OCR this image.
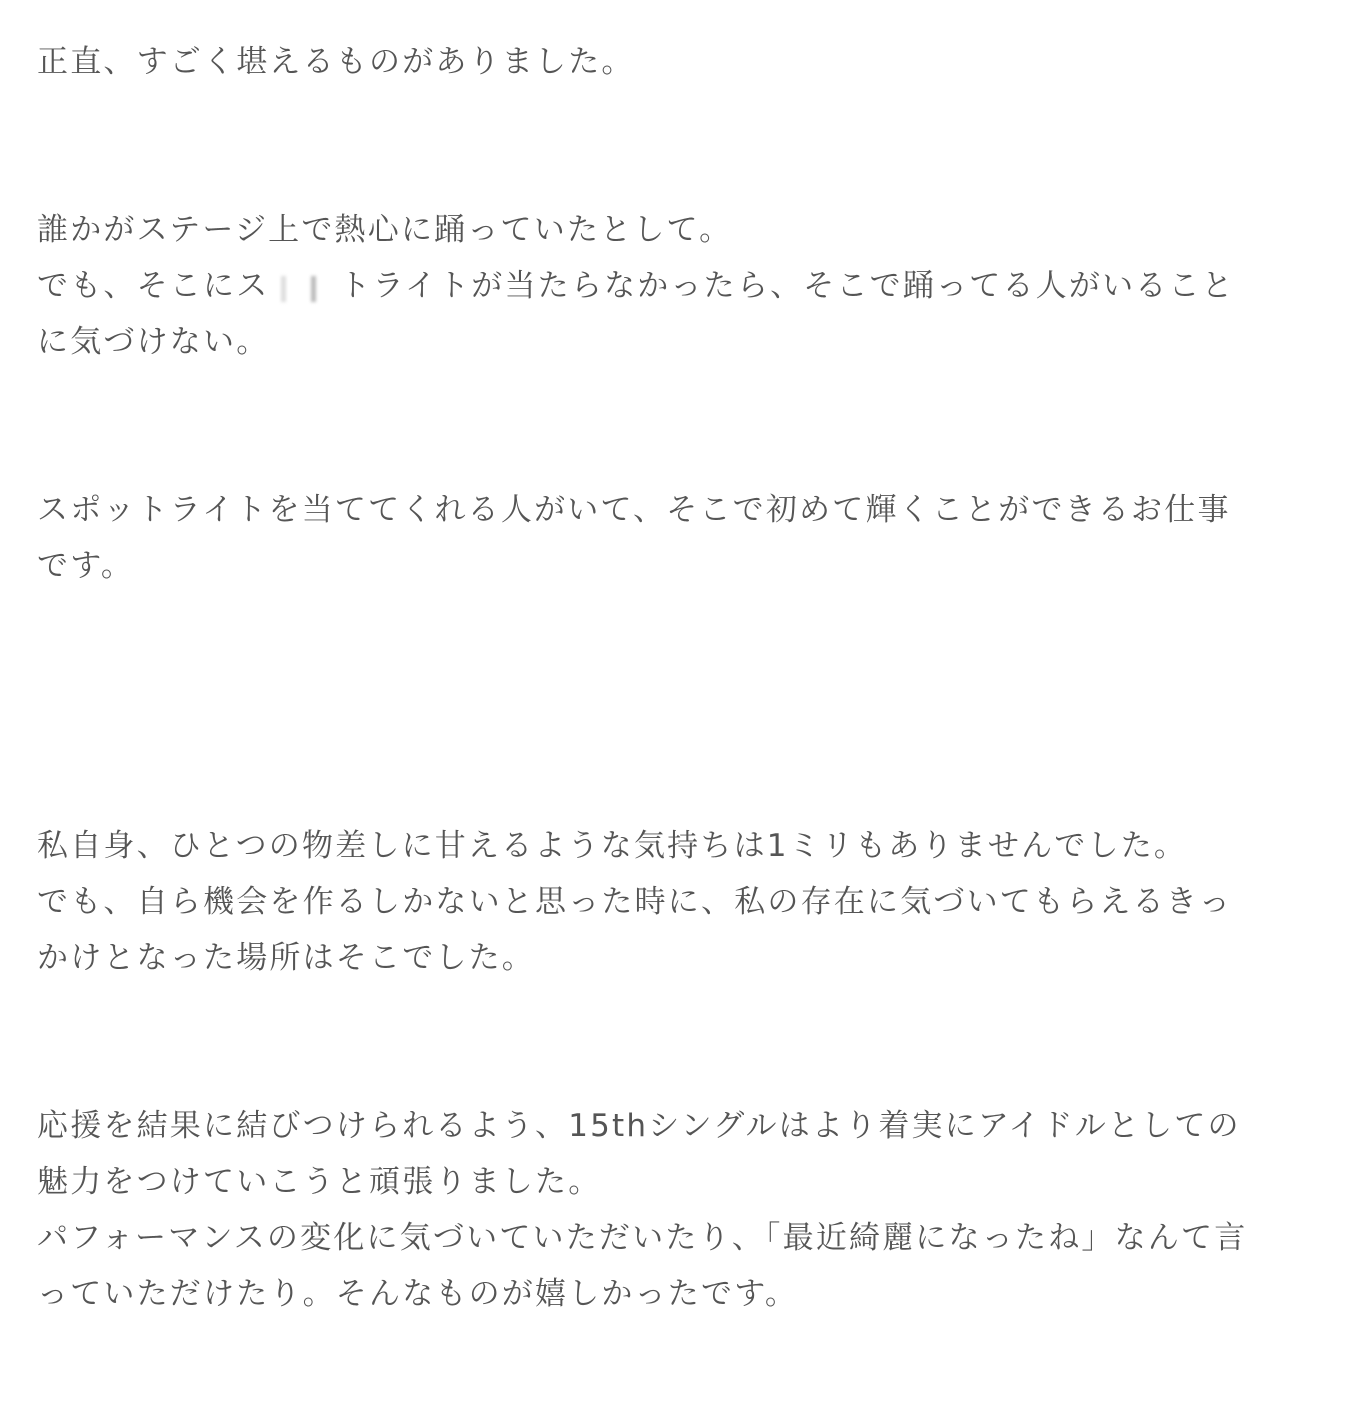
正直、すごく堪えるものがありました。

誰かがステージ上で熱心に踊っていたとして。
でも、そこにス トライトが当たらなかったら、そこで踊ってる人がいること
に気づけない。

スポットライトを当ててくれる人がいて、そこで初めて輝くことができるお仕事
です。

私自身、ひとつの物差しに甘えるような気持ちは1ミリもありませんでした。
でも、自ら機会を作るしかないと思った時に、私の存在に気づいてもらえるきっ
かけとなった場所はそこでした。

応援を結果に結びつけられるよう、15thシングルはより着実にアイドルとしての
魅力をつけていこうと頑張りました。
パフォーマンスの変化に気づいていただいたり、「最近綺麗になったね」なんて言
っていただけたり。そんなものが嬉しかったです。
